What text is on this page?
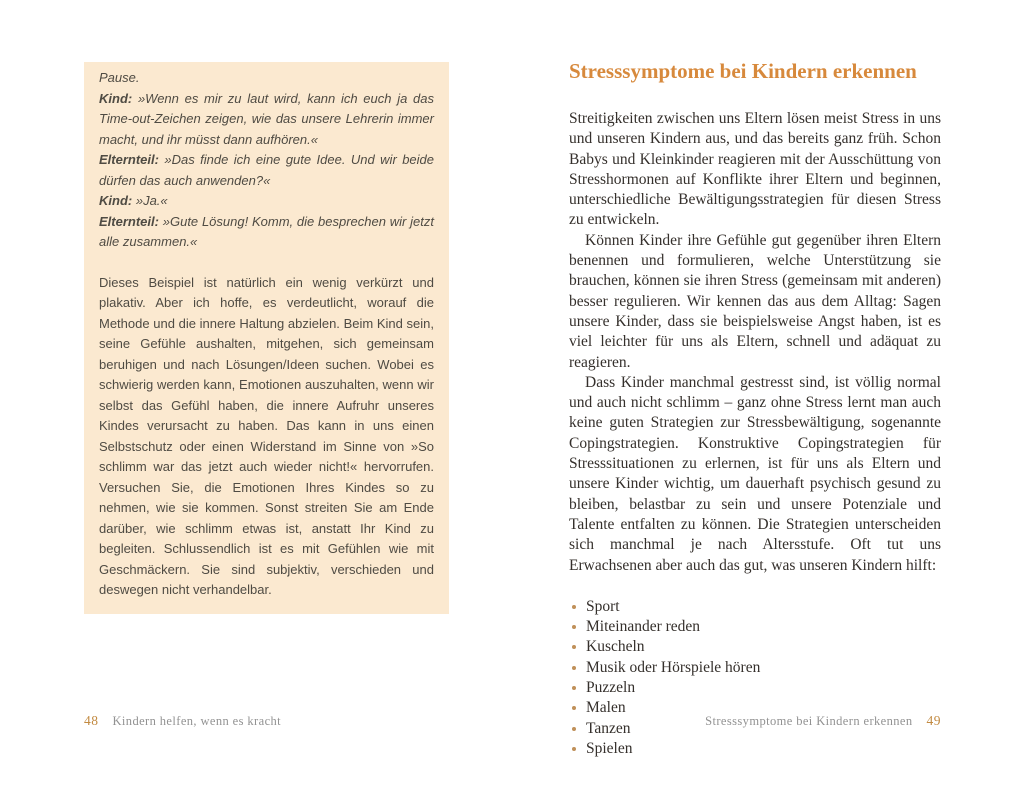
Pause.

Kind: »Wenn es mir zu laut wird, kann ich euch ja das Time-out-Zeichen zeigen, wie das unsere Lehrerin immer macht, und ihr müsst dann aufhören.«

Elternteil: »Das finde ich eine gute Idee. Und wir beide dürfen das auch anwenden?«

Kind: »Ja.«

Elternteil: »Gute Lösung! Komm, die besprechen wir jetzt alle zusammen.«

Dieses Beispiel ist natürlich ein wenig verkürzt und plakativ. Aber ich hoffe, es verdeutlicht, worauf die Methode und die innere Haltung abzielen. Beim Kind sein, seine Gefühle aushalten, mitgehen, sich gemeinsam beruhigen und nach Lösungen/Ideen suchen. Wobei es schwierig werden kann, Emotionen auszuhalten, wenn wir selbst das Gefühl haben, die innere Aufruhr unseres Kindes verursacht zu haben. Das kann in uns einen Selbstschutz oder einen Widerstand im Sinne von »So schlimm war das jetzt auch wieder nicht!« hervorrufen. Versuchen Sie, die Emotionen Ihres Kindes so zu nehmen, wie sie kommen. Sonst streiten Sie am Ende darüber, wie schlimm etwas ist, anstatt Ihr Kind zu begleiten. Schlussendlich ist es mit Gefühlen wie mit Geschmäckern. Sie sind subjektiv, verschieden und deswegen nicht verhandelbar.

48 Kindern helfen, wenn es kracht
Stresssymptome bei Kindern erkennen

Streitigkeiten zwischen uns Eltern lösen meist Stress in uns und unseren Kindern aus, und das bereits ganz früh. Schon Babys und Kleinkinder reagieren mit der Ausschüttung von Stresshormonen auf Konflikte ihrer Eltern und beginnen, unterschiedliche Bewältigungsstrategien für diesen Stress zu entwickeln.

Können Kinder ihre Gefühle gut gegenüber ihren Eltern benennen und formulieren, welche Unterstützung sie brauchen, können sie ihren Stress (gemeinsam mit anderen) besser regulieren. Wir kennen das aus dem Alltag: Sagen unsere Kinder, dass sie beispielsweise Angst haben, ist es viel leichter für uns als Eltern, schnell und adäquat zu reagieren.

Dass Kinder manchmal gestresst sind, ist völlig normal und auch nicht schlimm – ganz ohne Stress lernt man auch keine guten Strategien zur Stressbewältigung, sogenannte Copingstrategien. Konstruktive Copingstrategien für Stresssituationen zu erlernen, ist für uns als Eltern und unsere Kinder wichtig, um dauerhaft psychisch gesund zu bleiben, belastbar zu sein und unsere Potenziale und Talente entfalten zu können. Die Strategien unterscheiden sich manchmal je nach Altersstufe. Oft tut uns Erwachsenen aber auch das gut, was unseren Kindern hilft:

Sport
Miteinander reden
Kuscheln
Musik oder Hörspiele hören
Puzzeln
Malen
Tanzen
Spielen
Stresssymptome bei Kindern erkennen 49
